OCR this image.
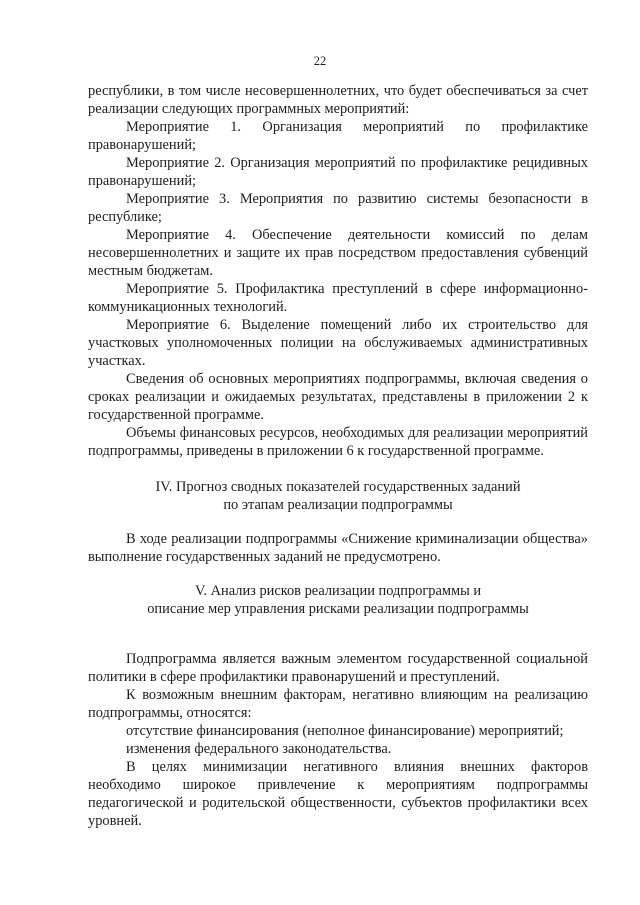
22

республики, в том числе несовершеннолетних, что будет обеспечиваться за счет реализации следующих программных мероприятий:

Мероприятие 1. Организация мероприятий по профилактике правонарушений;

Мероприятие 2. Организация мероприятий по профилактике рецидивных правонарушений;

Мероприятие 3. Мероприятия по развитию системы безопасности в республике;

Мероприятие 4. Обеспечение деятельности комиссий по делам несовершеннолетних и защите их прав посредством предоставления субвенций местным бюджетам.

Мероприятие 5. Профилактика преступлений в сфере информационно-коммуникационных технологий.

Мероприятие 6. Выделение помещений либо их строительство для участковых уполномоченных полиции на обслуживаемых административных участках.

Сведения об основных мероприятиях подпрограммы, включая сведения о сроках реализации и ожидаемых результатах, представлены в приложении 2 к государственной программе.

Объемы финансовых ресурсов, необходимых для реализации мероприятий подпрограммы, приведены в приложении 6 к государственной программе.

IV. Прогноз сводных показателей государственных заданий
по этапам реализации подпрограммы

В ходе реализации подпрограммы «Снижение криминализации общества» выполнение государственных заданий не предусмотрено.

V. Анализ рисков реализации подпрограммы и
описание мер управления рисками реализации подпрограммы

Подпрограмма является важным элементом государственной социальной политики в сфере профилактики правонарушений и преступлений.

К возможным внешним факторам, негативно влияющим на реализацию подпрограммы, относятся:

отсутствие финансирования (неполное финансирование) мероприятий;

изменения федерального законодательства.

В целях минимизации негативного влияния внешних факторов необходимо широкое привлечение к мероприятиям подпрограммы педагогической и родительской общественности, субъектов профилактики всех уровней.
